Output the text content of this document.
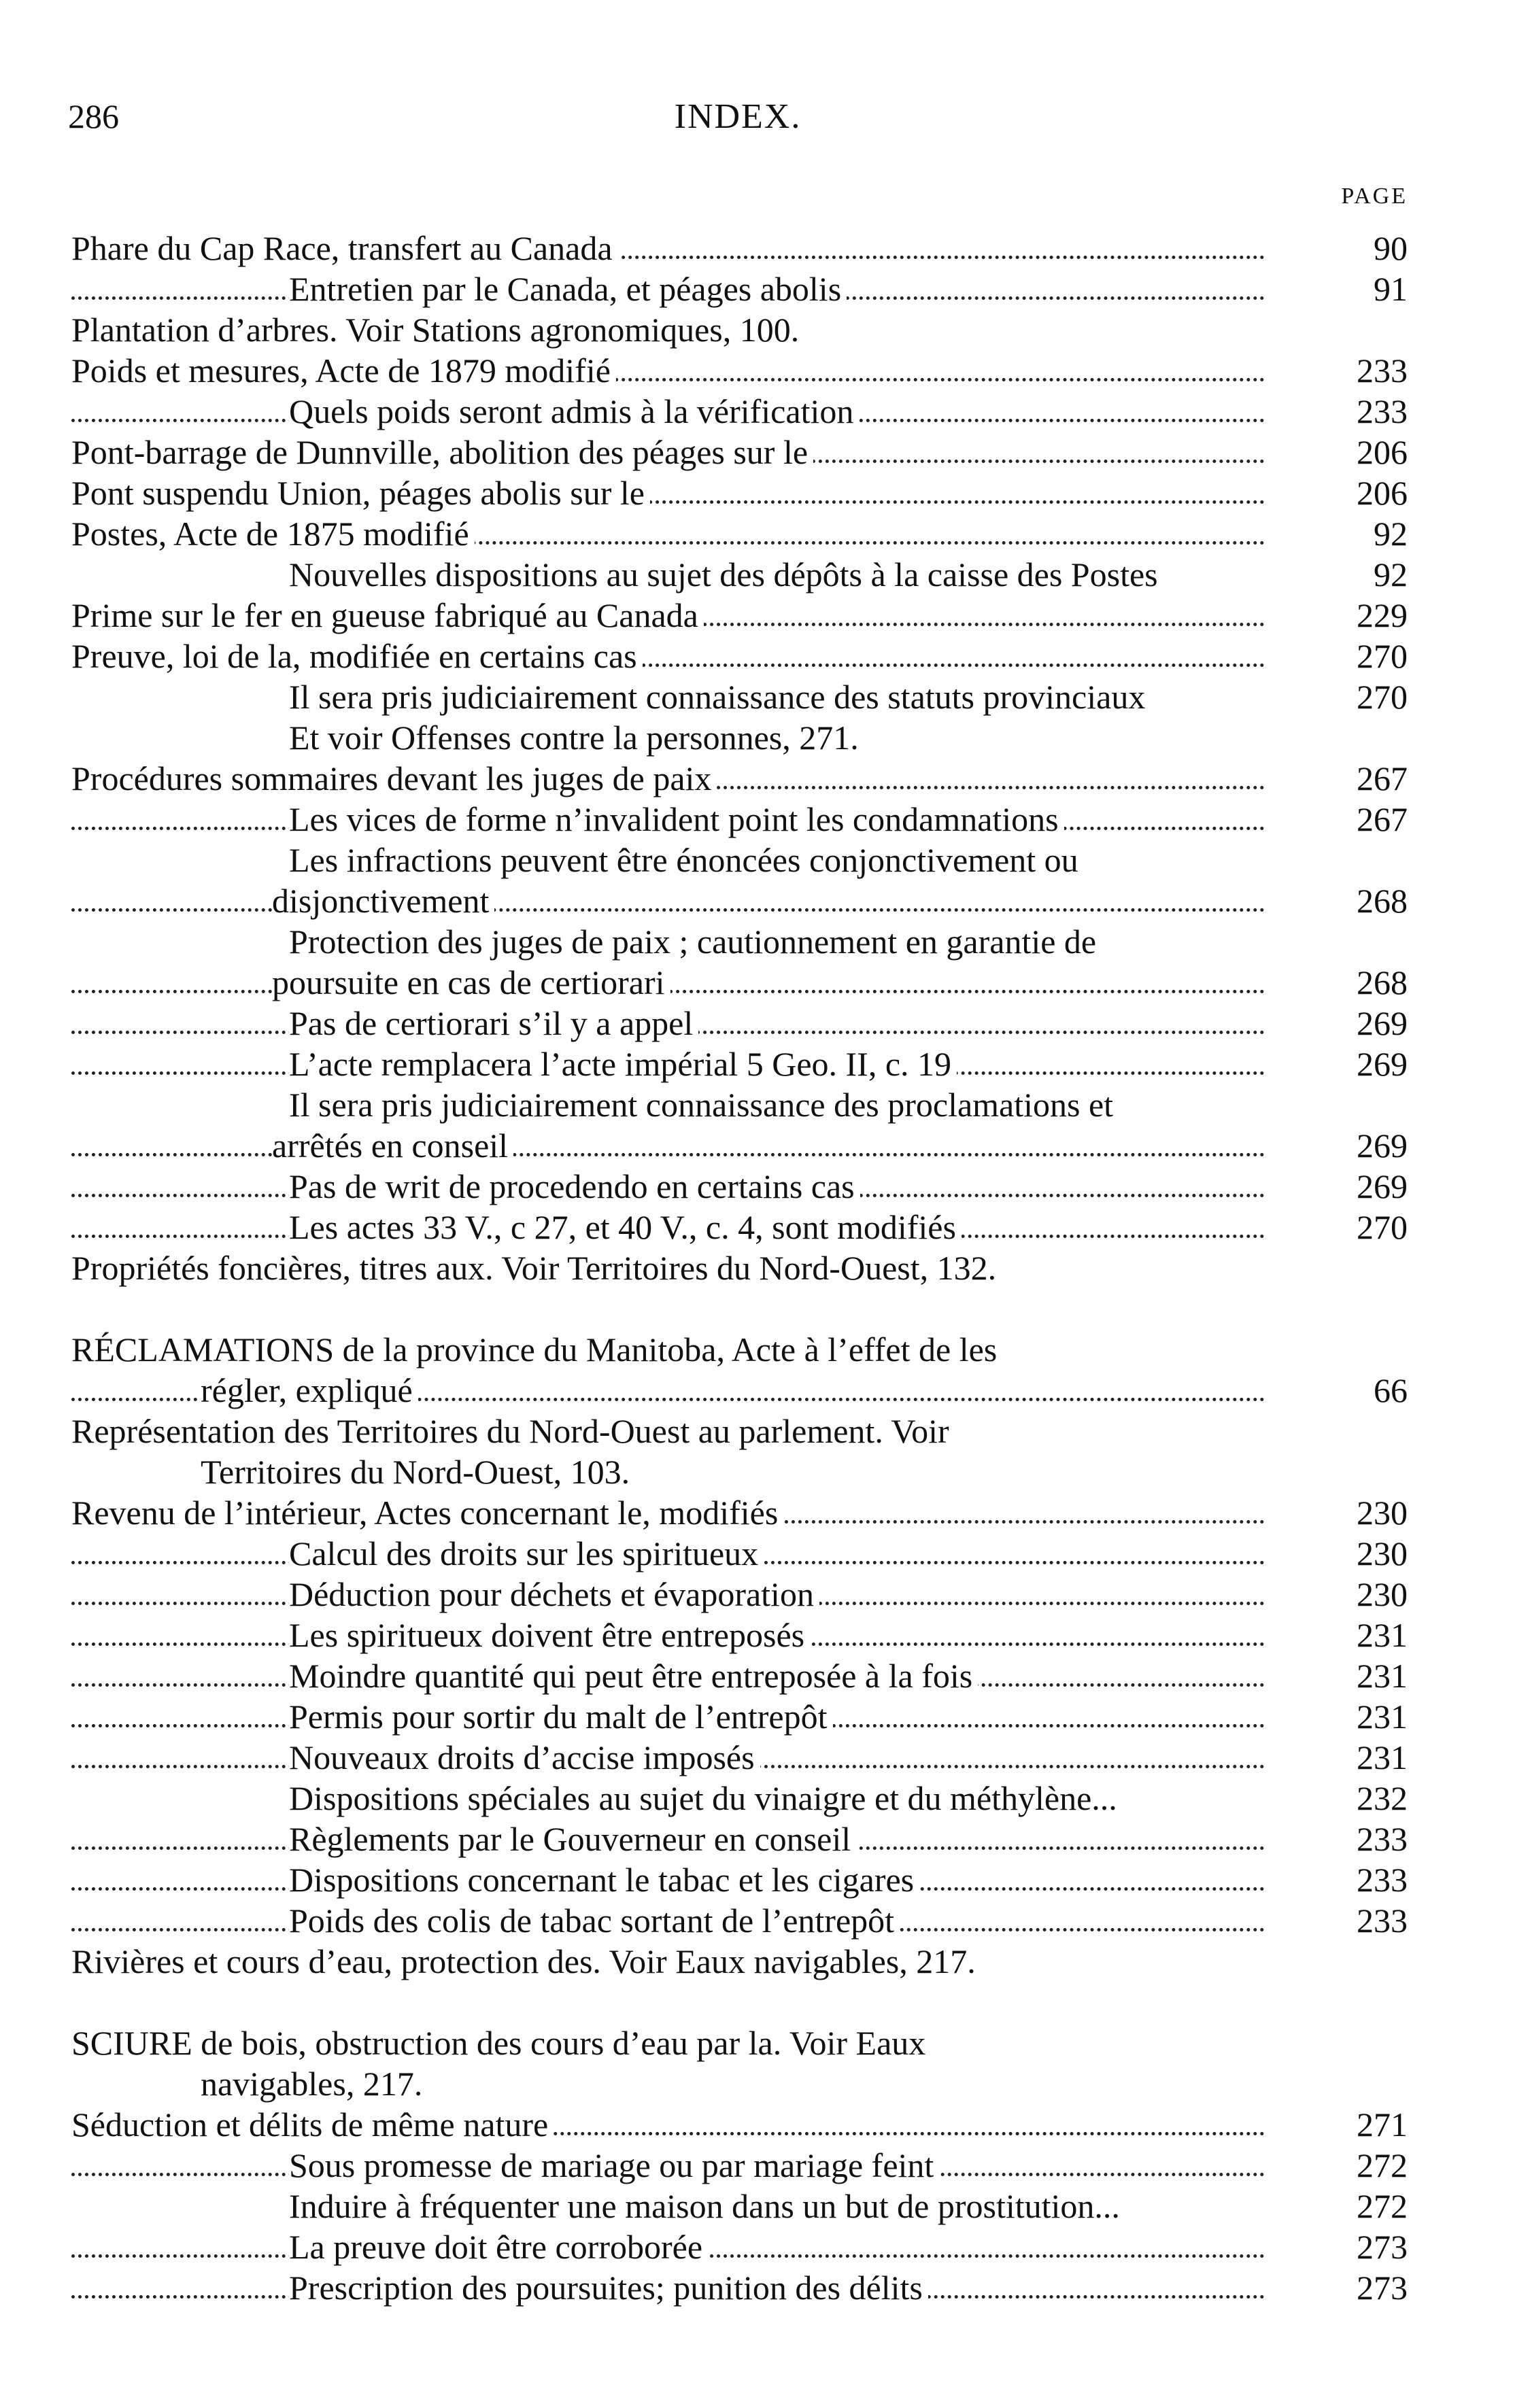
286	INDEX.
PAGE
Phare du Cap Race, transfert au Canada	90
Entretien par le Canada, et péages abolis	91
Plantation d’arbres. Voir Stations agronomiques, 100.
Poids et mesures, Acte de 1879 modifié	233
Quels poids seront admis à la vérification	233
Pont-barrage de Dunnville, abolition des péages sur le	206
Pont suspendu Union, péages abolis sur le	206
Postes, Acte de 1875 modifié	92
Nouvelles dispositions au sujet des dépôts à la caisse des Postes	92
Prime sur le fer en gueuse fabriqué au Canada	229
Preuve, loi de la, modifiée en certains cas	270
Il sera pris judiciairement connaissance des statuts provinciaux	270
Et voir Offenses contre la personnes, 271.
Procédures sommaires devant les juges de paix	267
Les vices de forme n’invalident point les condamnations	267
Les infractions peuvent être énoncées conjonctivement ou
disjonctivement	268
Protection des juges de paix ; cautionnement en garantie de
poursuite en cas de certiorari	268
Pas de certiorari s’il y a appel	269
L’acte remplacera l’acte impérial 5 Geo. II, c. 19	269
Il sera pris judiciairement connaissance des proclamations et
arrêtés en conseil	269
Pas de writ de procedendo en certains cas	269
Les actes 33 V., c 27, et 40 V., c. 4, sont modifiés	270
Propriétés foncières, titres aux. Voir Territoires du Nord-Ouest, 132.
RÉCLAMATIONS de la province du Manitoba, Acte à l’effet de les
régler, expliqué	66
Représentation des Territoires du Nord-Ouest au parlement. Voir
Territoires du Nord-Ouest, 103.
Revenu de l’intérieur, Actes concernant le, modifiés	230
Calcul des droits sur les spiritueux	230
Déduction pour déchets et évaporation	230
Les spiritueux doivent être entreposés	231
Moindre quantité qui peut être entreposée à la fois	231
Permis pour sortir du malt de l’entrepôt	231
Nouveaux droits d’accise imposés	231
Dispositions spéciales au sujet du vinaigre et du méthylène...	232
Règlements par le Gouverneur en conseil	233
Dispositions concernant le tabac et les cigares	233
Poids des colis de tabac sortant de l’entrepôt	233
Rivières et cours d’eau, protection des. Voir Eaux navigables, 217.
SCIURE de bois, obstruction des cours d’eau par la. Voir Eaux
navigables, 217.
Séduction et délits de même nature	271
Sous promesse de mariage ou par mariage feint	272
Induire à fréquenter une maison dans un but de prostitution...	272
La preuve doit être corroborée	273
Prescription des poursuites; punition des délits	273
